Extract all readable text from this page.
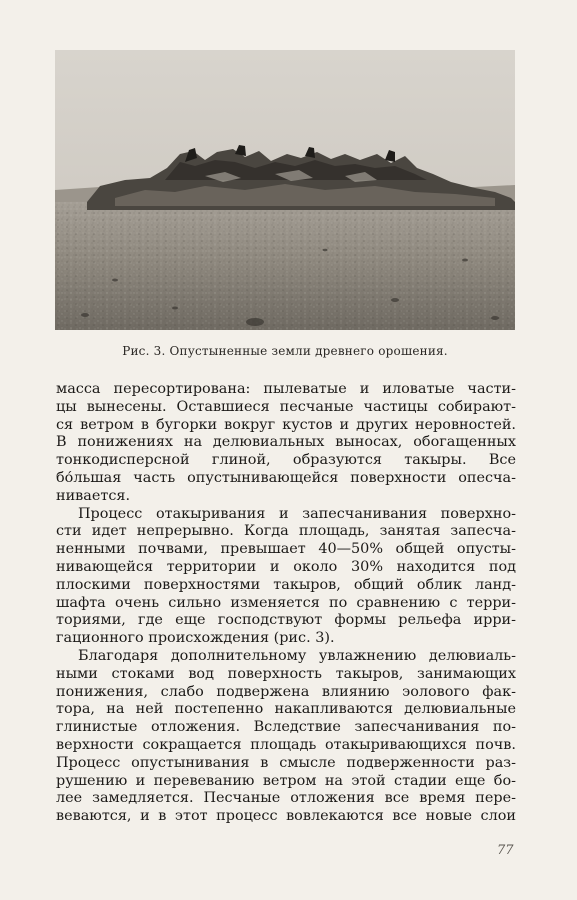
Рис. 3. Опустыненные земли древнего орошения.
масса пересортирована: пылеватые и иловатые части-
цы вынесены. Оставшиеся песчаные частицы собирают-
ся ветром в бугорки вокруг кустов и других неровностей.
В понижениях на делювиальных выносах, обогащенных
тонкодисперсной глиной, образуются такыры. Все
бо́льшая часть опустынивающейся поверхности опесча-
нивается.
Процесс отакыривания и запесчанивания поверхно-
сти идет непрерывно. Когда площадь, занятая запесча-
ненными почвами, превышает 40—50% общей опусты-
нивающейся территории и около 30% находится под
плоскими поверхностями такыров, общий облик ланд-
шафта очень сильно изменяется по сравнению с терри-
ториями, где еще господствуют формы рельефа ирри-
гационного происхождения (рис. 3).
Благодаря дополнительному увлажнению делювиаль-
ными стоками вод поверхность такыров, занимающих
понижения, слабо подвержена влиянию эолового фак-
тора, на ней постепенно накапливаются делювиальные
глинистые отложения. Вследствие запесчанивания по-
верхности сокращается площадь отакыривающихся почв.
Процесс опустынивания в смысле подверженности раз-
рушению и перевеванию ветром на этой стадии еще бо-
лее замедляется. Песчаные отложения все время пере-
веваются, и в этот процесс вовлекаются все новые слои
77
